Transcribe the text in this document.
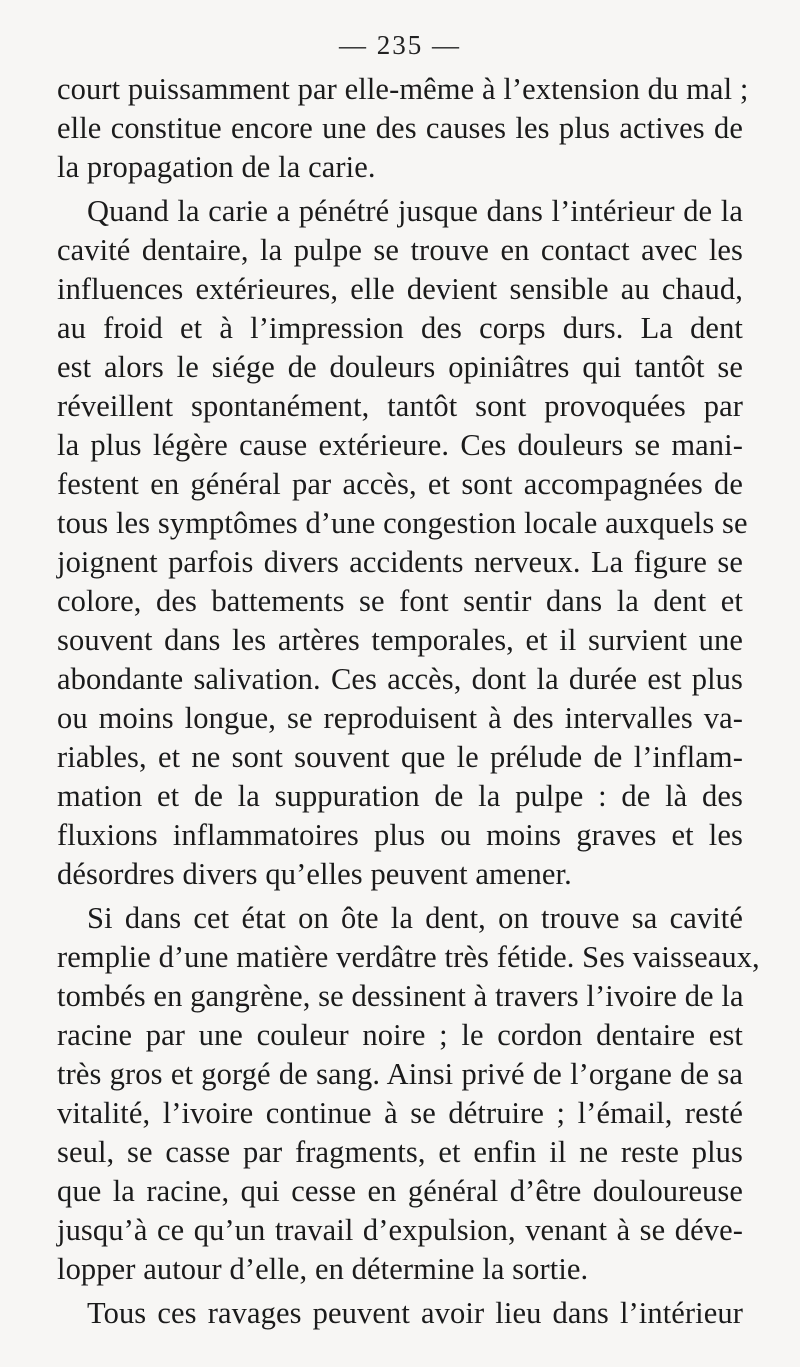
— 235 —
court puissamment par elle-même à l’extension du mal ;
elle constitue encore une des causes les plus actives de
la propagation de la carie.
Quand la carie a pénétré jusque dans l’intérieur de la
cavité dentaire, la pulpe se trouve en contact avec les
influences extérieures, elle devient sensible au chaud,
au froid et à l’impression des corps durs. La dent
est alors le siége de douleurs opiniâtres qui tantôt se
réveillent spontanément, tantôt sont provoquées par
la plus légère cause extérieure. Ces douleurs se mani-
festent en général par accès, et sont accompagnées de
tous les symptômes d’une congestion locale auxquels se
joignent parfois divers accidents nerveux. La figure se
colore, des battements se font sentir dans la dent et
souvent dans les artères temporales, et il survient une
abondante salivation. Ces accès, dont la durée est plus
ou moins longue, se reproduisent à des intervalles va-
riables, et ne sont souvent que le prélude de l’inflam-
mation et de la suppuration de la pulpe : de là des
fluxions inflammatoires plus ou moins graves et les
désordres divers qu’elles peuvent amener.
Si dans cet état on ôte la dent, on trouve sa cavité
remplie d’une matière verdâtre très fétide. Ses vaisseaux,
tombés en gangrène, se dessinent à travers l’ivoire de la
racine par une couleur noire ; le cordon dentaire est
très gros et gorgé de sang. Ainsi privé de l’organe de sa
vitalité, l’ivoire continue à se détruire ; l’émail, resté
seul, se casse par fragments, et enfin il ne reste plus
que la racine, qui cesse en général d’être douloureuse
jusqu’à ce qu’un travail d’expulsion, venant à se déve-
lopper autour d’elle, en détermine la sortie.
Tous ces ravages peuvent avoir lieu dans l’intérieur
